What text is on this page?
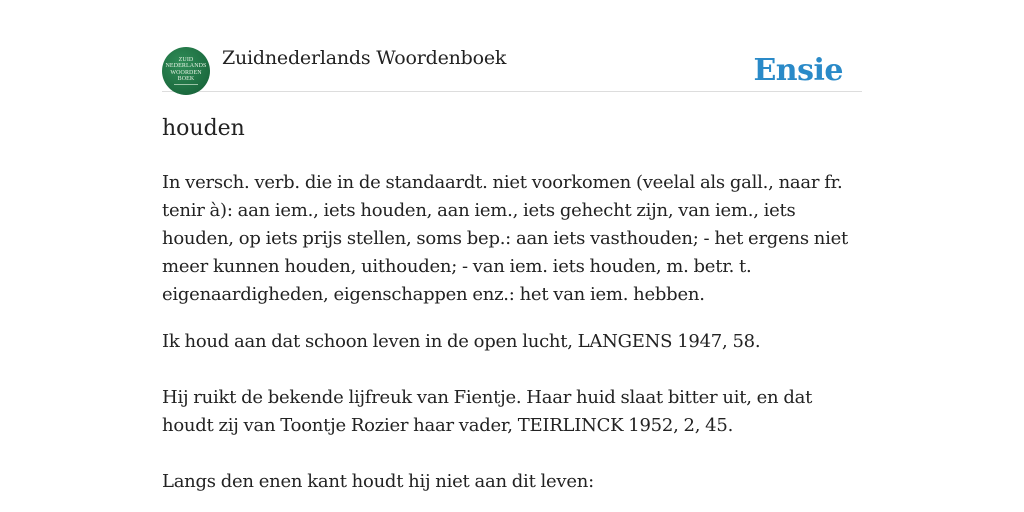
ZUID
NEDERLANDS
WOORDEN
BOEK
Zuidnederlands Woordenboek	Ensie
houden

In versch. verb. die in de standaardt. niet voorkomen (veelal als gall., naar fr. tenir à): aan iem., iets houden, aan iem., iets gehecht zijn, van iem., iets houden, op iets prijs stellen, soms bep.: aan iets vasthouden; - het ergens niet meer kunnen houden, uithouden; - van iem. iets houden, m. betr. t. eigenaardigheden, eigenschappen enz.: het van iem. hebben.

Ik houd aan dat schoon leven in de open lucht, LANGENS 1947, 58.

Hij ruikt de bekende lijfreuk van Fientje. Haar huid slaat bitter uit, en dat houdt zij van Toontje Rozier haar vader, TEIRLINCK 1952, 2, 45.

Langs den enen kant houdt hij niet aan dit leven:
